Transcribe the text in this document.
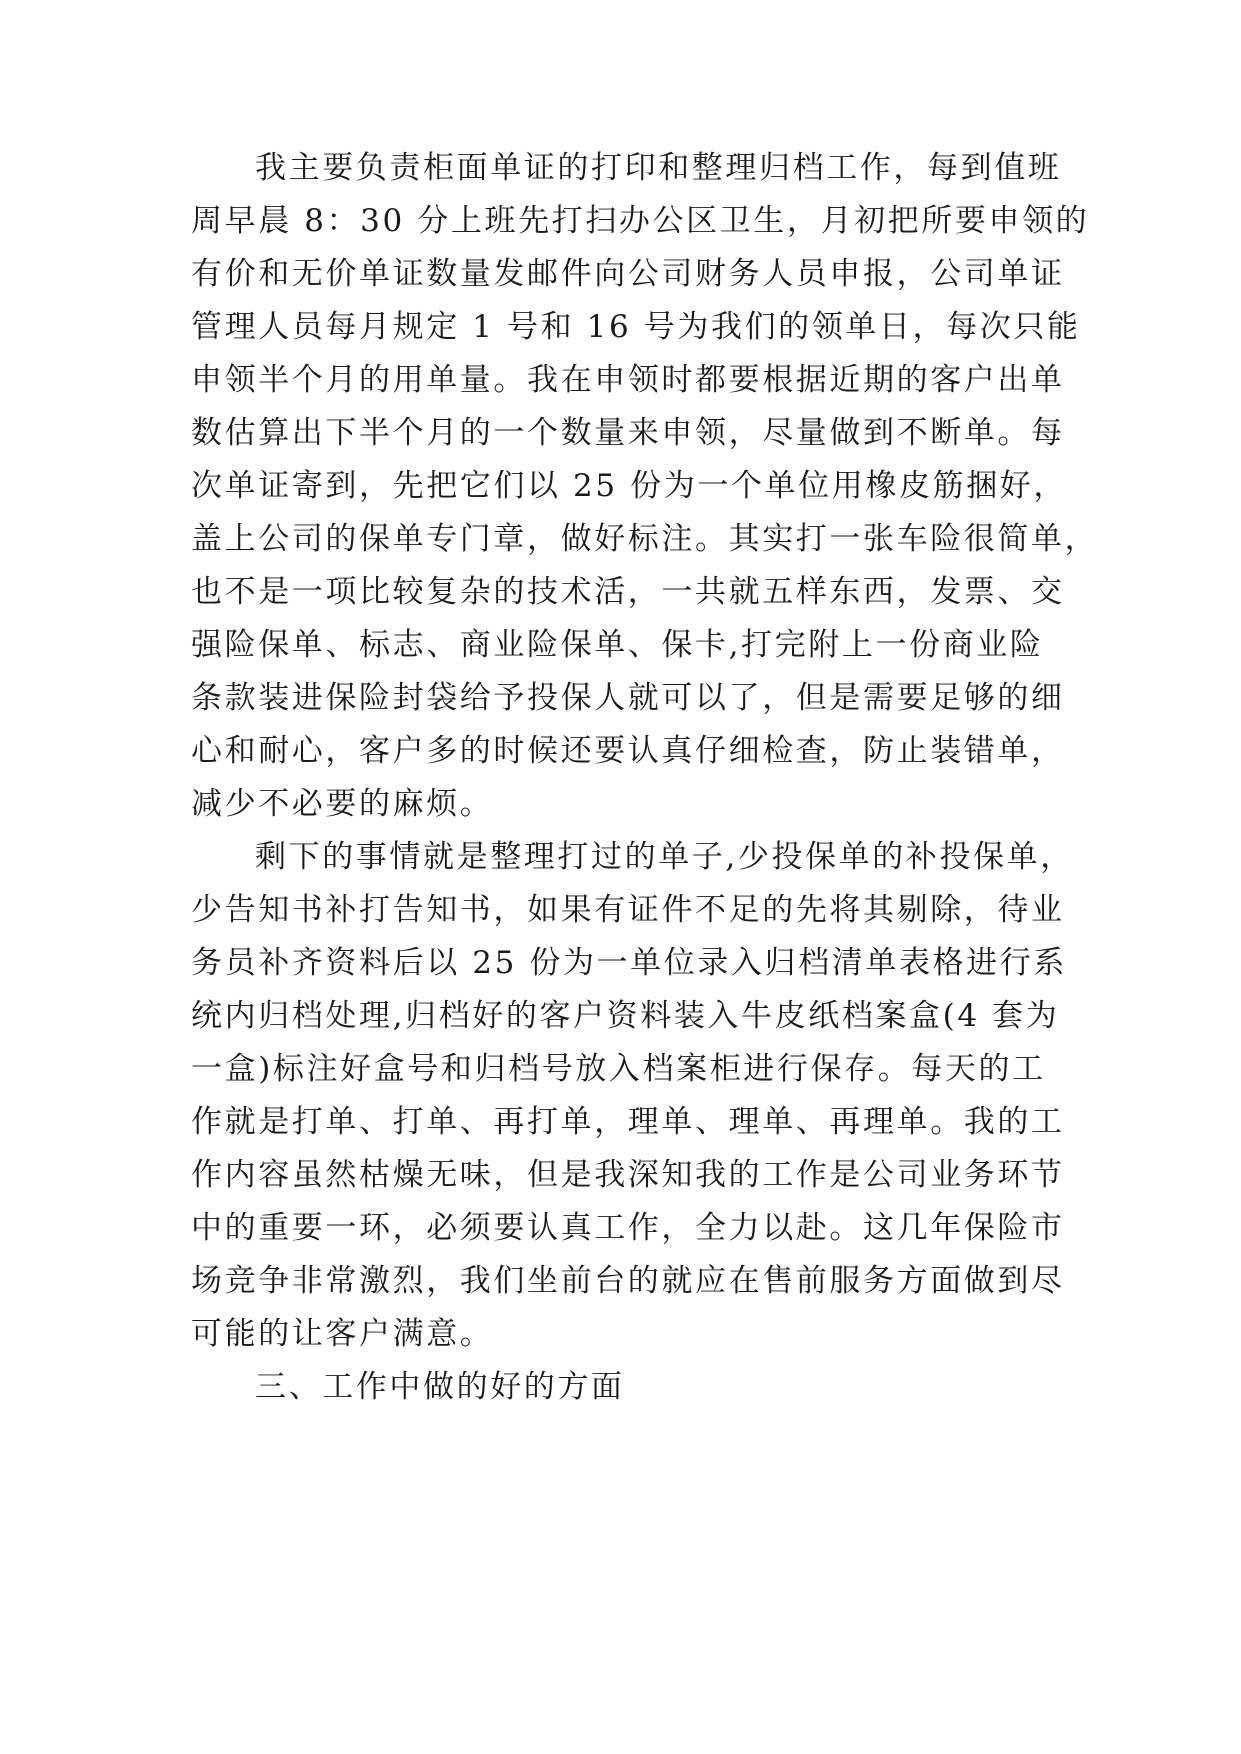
我主要负责柜面单证的打印和整理归档工作，每到值班
周早晨 8：30 分上班先打扫办公区卫生，月初把所要申领的
有价和无价单证数量发邮件向公司财务人员申报，公司单证
管理人员每月规定 1 号和 16 号为我们的领单日，每次只能
申领半个月的用单量。我在申领时都要根据近期的客户出单
数估算出下半个月的一个数量来申领，尽量做到不断单。每
次单证寄到，先把它们以 25 份为一个单位用橡皮筋捆好，
盖上公司的保单专门章，做好标注。其实打一张车险很简单，
也不是一项比较复杂的技术活，一共就五样东西，发票、交
强险保单、标志、商业险保单、保卡,打完附上一份商业险
条款装进保险封袋给予投保人就可以了，但是需要足够的细
心和耐心，客户多的时候还要认真仔细检查，防止装错单，
减少不必要的麻烦。
剩下的事情就是整理打过的单子,少投保单的补投保单，
少告知书补打告知书，如果有证件不足的先将其剔除，待业
务员补齐资料后以 25 份为一单位录入归档清单表格进行系
统内归档处理,归档好的客户资料装入牛皮纸档案盒(4 套为
一盒)标注好盒号和归档号放入档案柜进行保存。每天的工
作就是打单、打单、再打单，理单、理单、再理单。我的工
作内容虽然枯燥无味，但是我深知我的工作是公司业务环节
中的重要一环，必须要认真工作，全力以赴。这几年保险市
场竞争非常激烈，我们坐前台的就应在售前服务方面做到尽
可能的让客户满意。
三、工作中做的好的方面
